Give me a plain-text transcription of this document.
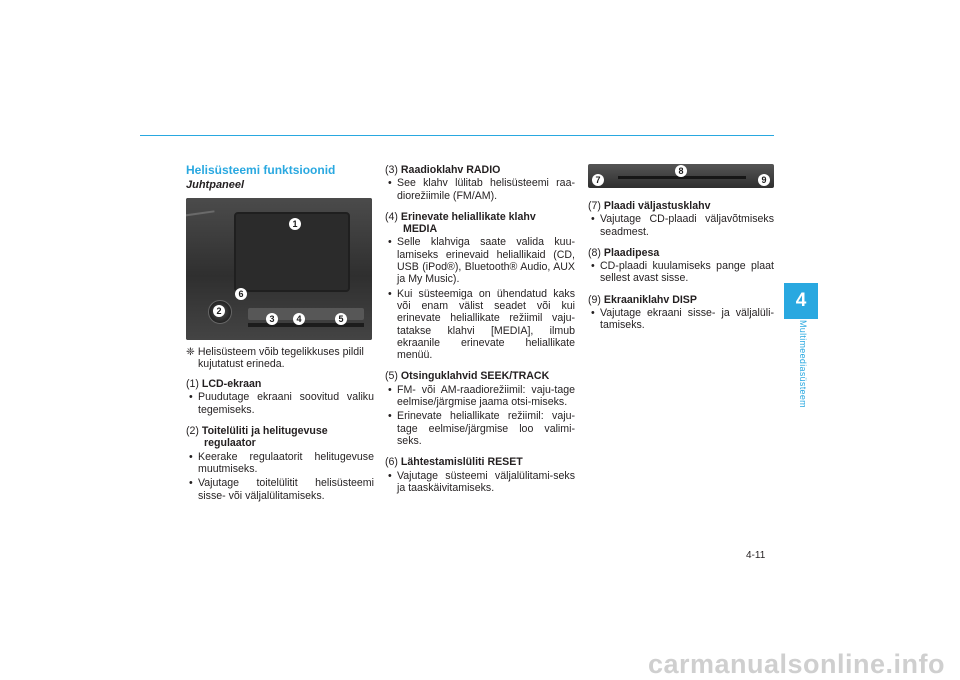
4
Multimeediasüsteem
Helisüsteemi funktsioonid
Juhtpaneel
1
2
3	4	5
6
❈ Helisüsteem võib tegelikkuses pildil kujutatust erineda.
(1) LCD-ekraan
• Puudutage ekraani soovitud valiku tegemiseks.
(2) Toitelüliti ja helitugevuse
regulaator
• Keerake regulaatorit helitugevuse muutmiseks.
• Vajutage toitelülitit helisüsteemi sisse- või väljalülitamiseks.
(3) Raadioklahv RADIO
• See klahv lülitab helisüsteemi raa-diorežiimile (FM/AM).
(4) Erinevate heliallikate klahv
MEDIA
• Selle klahviga saate valida kuu-lamiseks erinevaid heliallikaid (CD, USB (iPod®), Bluetooth® Audio, AUX ja My Music).
• Kui süsteemiga on ühendatud kaks või enam välist seadet või kui erinevate heliallikate režiimil vaju-tatakse klahvi [MEDIA], ilmub ekraanile erinevate heliallikate menüü.
(5) Otsinguklahvid SEEK/TRACK
• FM- või AM-raadiorežiimil: vaju-tage eelmise/järgmise jaama otsi-miseks.
• Erinevate heliallikate režiimil: vaju-tage eelmise/järgmise loo valimi-seks.
(6) Lähtestamislüliti RESET
• Vajutage süsteemi väljalülitami-seks ja taaskäivitamiseks.
7
8
9
(7) Plaadi väljastusklahv
• Vajutage CD-plaadi väljavõtmiseks seadmest.
(8) Plaadipesa
• CD-plaadi kuulamiseks pange plaat sellest avast sisse.
(9) Ekraaniklahv DISP
• Vajutage ekraani sisse- ja väljalüli-tamiseks.
4-11
carmanualsonline.info
